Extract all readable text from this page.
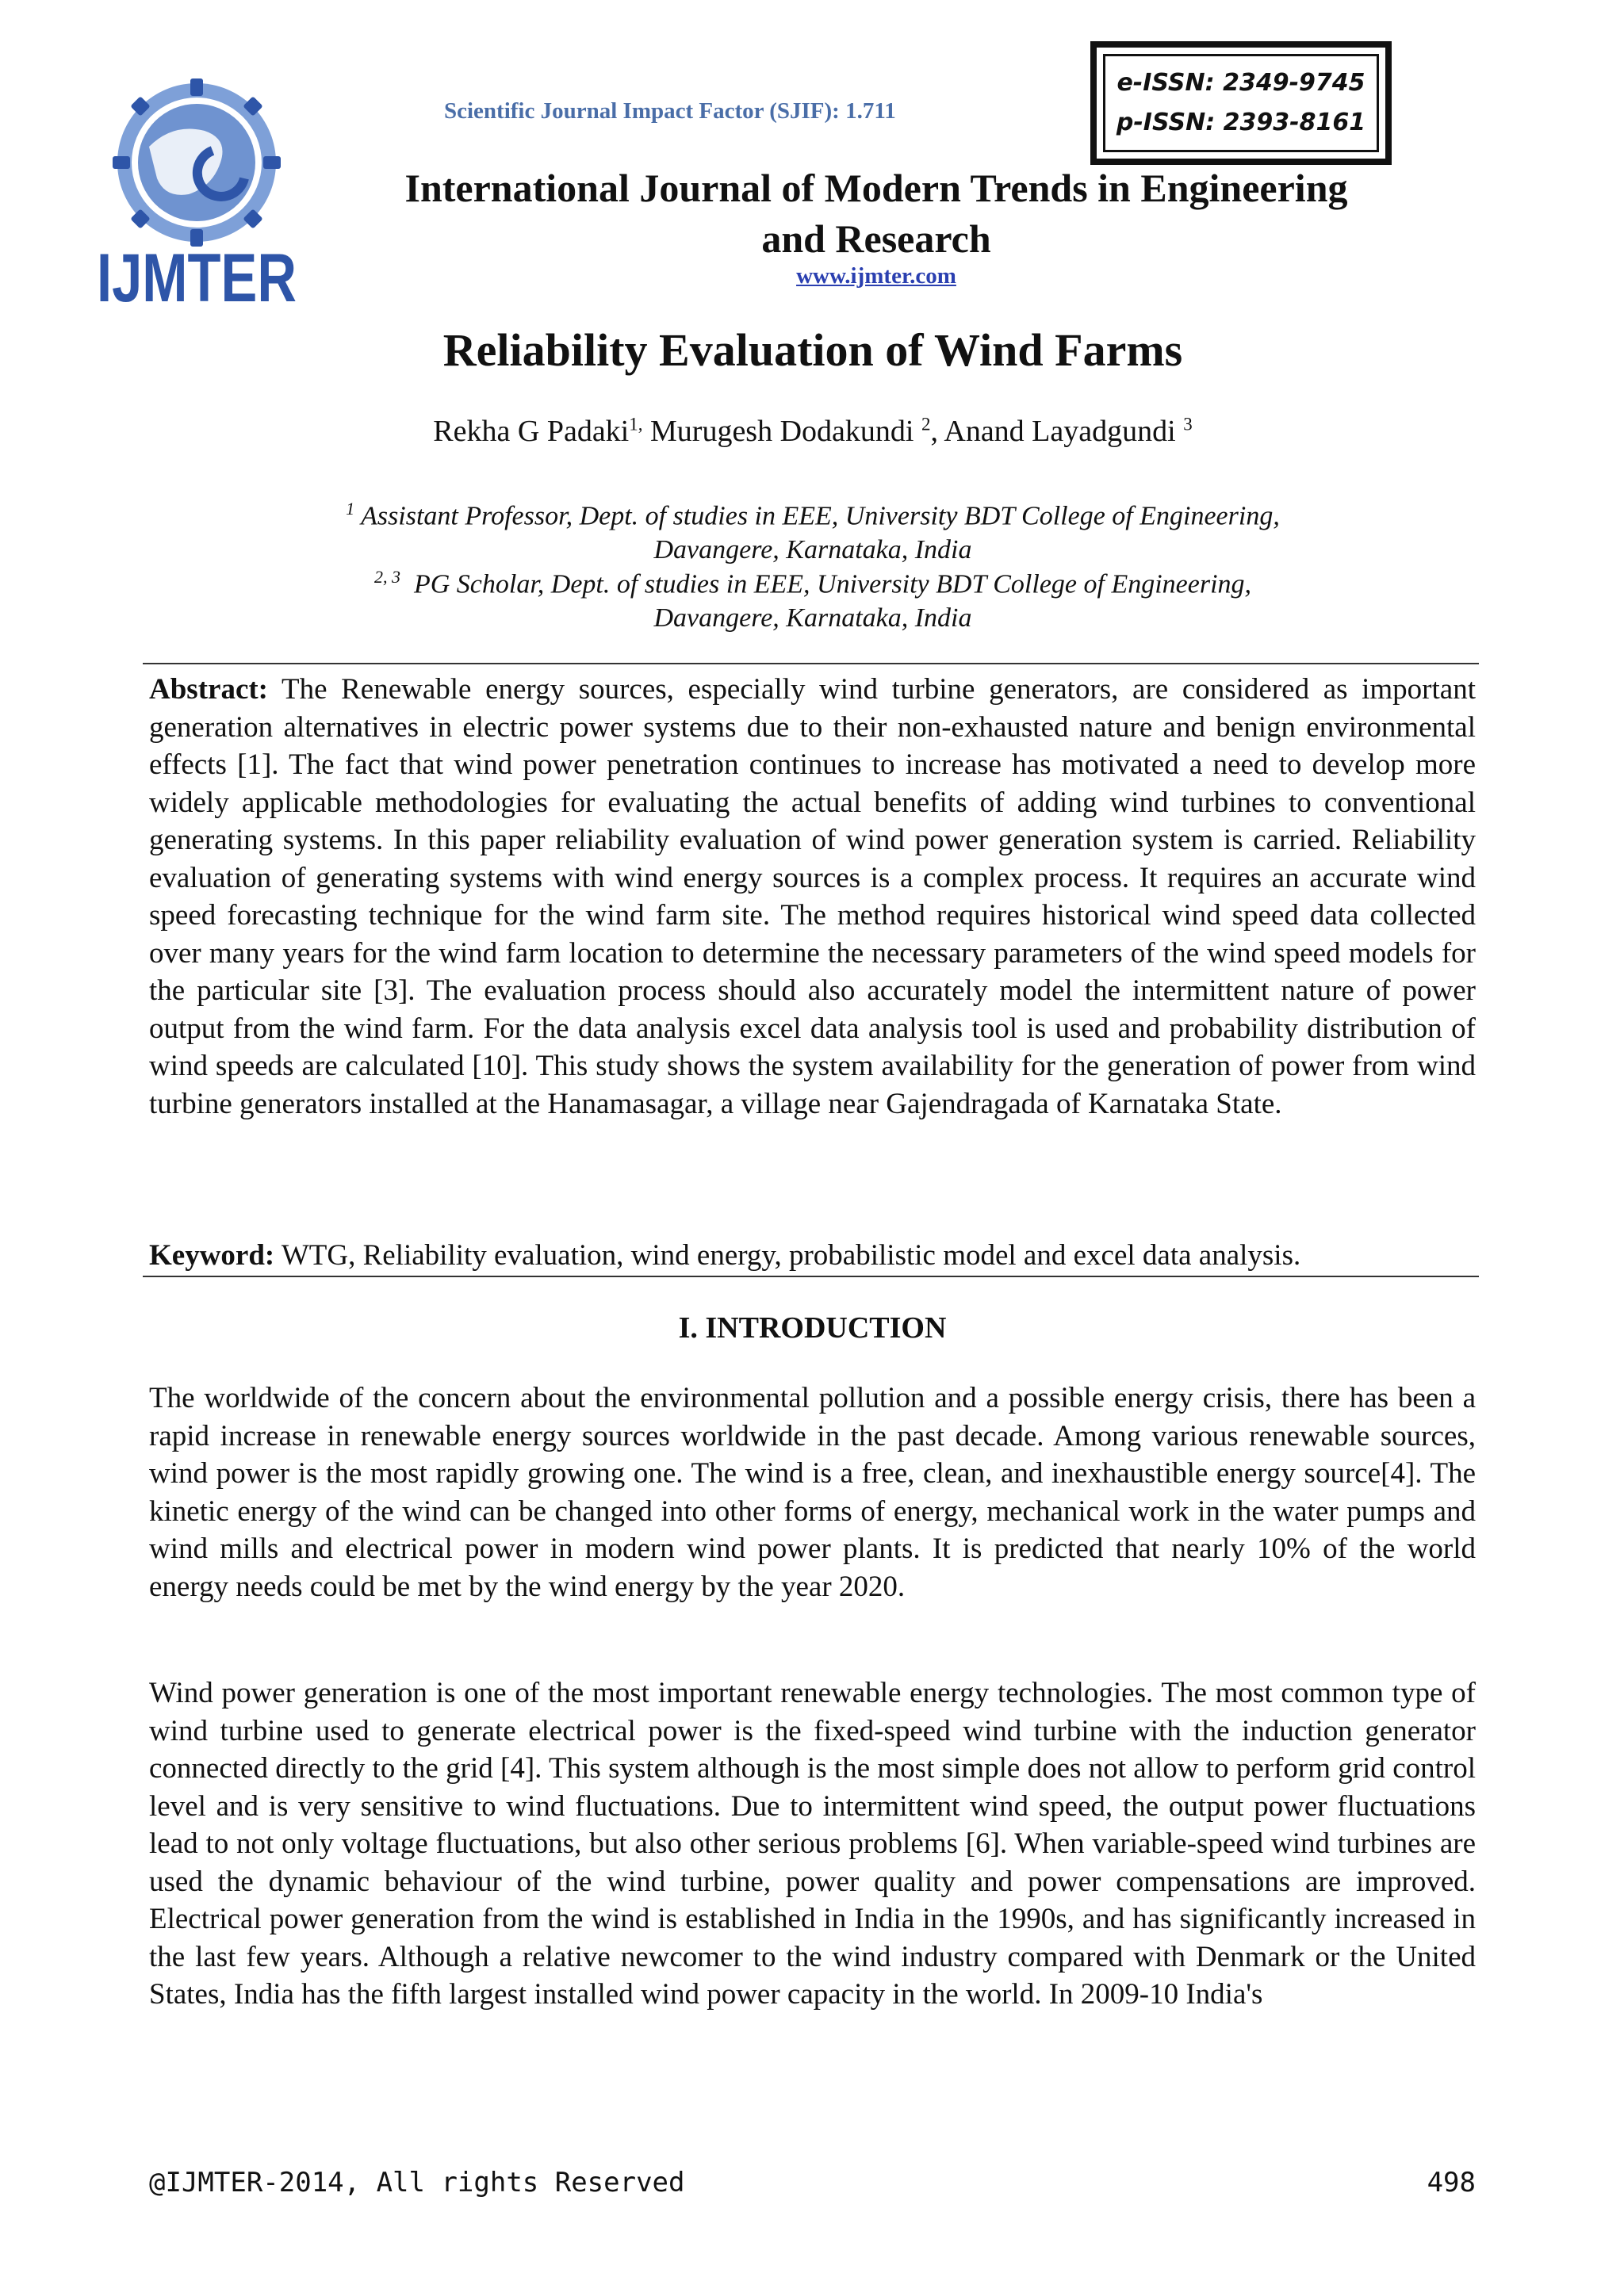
IJMTER
Scientific Journal Impact Factor (SJIF): 1.711
e-ISSN: 2349-9745
p-ISSN: 2393-8161
International Journal of Modern Trends in Engineering
and Research
www.ijmter.com
Reliability Evaluation of Wind Farms
Rekha G Padaki$^{1,}$ Murugesh Dodakundi $^2$, Anand Layadgundi $^3$
$^1$ Assistant Professor, Dept. of studies in EEE, University BDT College of Engineering,
Davangere, Karnataka, India
$^{2, 3}$ PG Scholar, Dept. of studies in EEE, University BDT College of Engineering,
Davangere, Karnataka, India
Abstract: The Renewable energy sources, especially wind turbine generators, are considered as important generation alternatives in electric power systems due to their non-exhausted nature and benign environmental effects [1]. The fact that wind power penetration continues to increase has motivated a need to develop more widely applicable methodologies for evaluating the actual benefits of adding wind turbines to conventional generating systems. In this paper reliability evaluation of wind power generation system is carried. Reliability evaluation of generating systems with wind energy sources is a complex process. It requires an accurate wind speed forecasting technique for the wind farm site. The method requires historical wind speed data collected over many years for the wind farm location to determine the necessary parameters of the wind speed models for the particular site [3]. The evaluation process should also accurately model the intermittent nature of power output from the wind farm. For the data analysis excel data analysis tool is used and probability distribution of wind speeds are calculated [10]. This study shows the system availability for the generation of power from wind turbine generators installed at the Hanamasagar, a village near Gajendragada of Karnataka State.
Keyword: WTG, Reliability evaluation, wind energy, probabilistic model and excel data analysis.
I. INTRODUCTION
The worldwide of the concern about the environmental pollution and a possible energy crisis, there has been a rapid increase in renewable energy sources worldwide in the past decade. Among various renewable sources, wind power is the most rapidly growing one. The wind is a free, clean, and inexhaustible energy source[4]. The kinetic energy of the wind can be changed into other forms of energy, mechanical work in the water pumps and wind mills and electrical power in modern wind power plants. It is predicted that nearly 10% of the world energy needs could be met by the wind energy by the year 2020.
Wind power generation is one of the most important renewable energy technologies. The most common type of wind turbine used to generate electrical power is the fixed-speed wind turbine with the induction generator connected directly to the grid [4]. This system although is the most simple does not allow to perform grid control level and is very sensitive to wind fluctuations. Due to intermittent wind speed, the output power fluctuations lead to not only voltage fluctuations, but also other serious problems [6]. When variable-speed wind turbines are used the dynamic behaviour of the wind turbine, power quality and power compensations are improved. Electrical power generation from the wind is established in India in the 1990s, and has significantly increased in the last few years. Although a relative newcomer to the wind industry compared with Denmark or the United States, India has the fifth largest installed wind power capacity in the world. In 2009-10 India's
@IJMTER-2014, All rights Reserved	498
